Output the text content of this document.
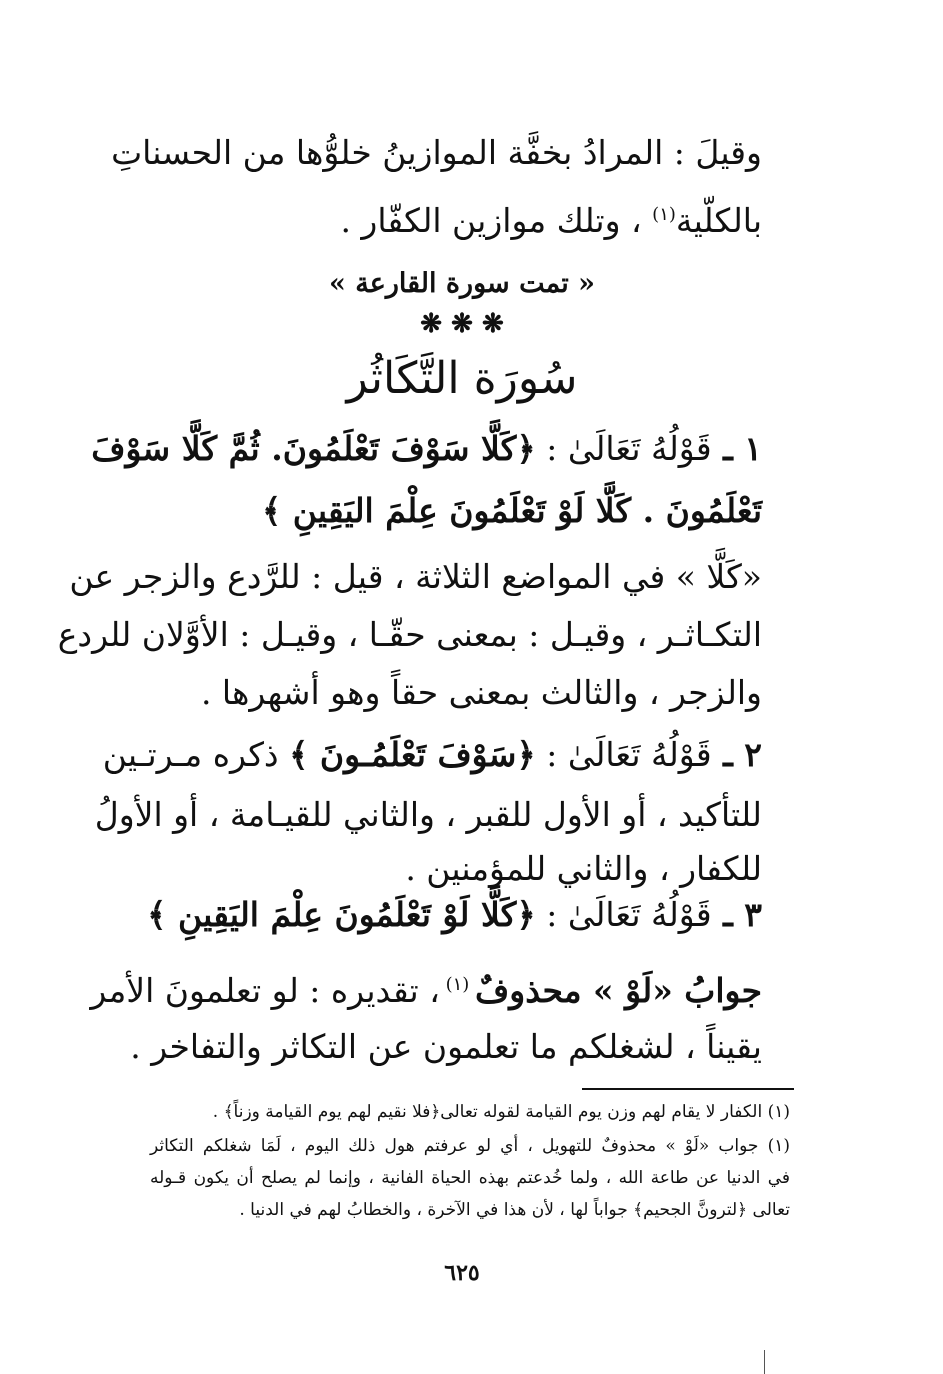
وقيلَ : المرادُ بخفَّة الموازينُ خلوُّها من الحسناتِ
بالكلّية$^{(١)}$ ، وتلك موازين الكفّار .
« تمت سورة القارعة »
❋ ❋ ❋
سُورَة التَّكَاثُر
١ ـ قَوْلُهُ تَعَالَىٰ : ﴿كَلَّا سَوْفَ تَعْلَمُونَ. ثُمَّ كَلَّا سَوْفَ
تَعْلَمُونَ . كَلَّا لَوْ تَعْلَمُونَ عِلْمَ اليَقِينِ ﴾
«كَلَّا » في المواضع الثلاثة ، قيل : للرَّدع والزجر عن
التكـاثـر ، وقيـل : بمعنى حقّـا ، وقيـل : الأوَّلان للردع
والزجر ، والثالث بمعنى حقاً وهو أشهرها .
٢ ـ قَوْلُهُ تَعَالَىٰ : ﴿سَوْفَ تَعْلَمُـونَ ﴾ ذكره مـرتـين
للتأكيد ، أو الأول للقبر ، والثاني للقيـامة ، أو الأولُ
للكفار ، والثاني للمؤمنين .
٣ ـ قَوْلُهُ تَعَالَىٰ : ﴿كَلَّا لَوْ تَعْلَمُونَ عِلْمَ اليَقِينِ ﴾
جوابُ «لَوْ » محذوفٌ $^{(١)}$ ، تقديره : لو تعلمونَ الأمر
يقيناً ، لشغلكم ما تعلمون عن التكاثر والتفاخر .
(١) الكفار لا يقام لهم وزن يوم القيامة لقوله تعالى﴿فلا نقيم لهم يوم القيامة وزناً﴾ .
(١) جواب «لَوْ » محذوفٌ للتهويل ، أي لو عرفتم هول ذلك اليوم ، لَمَا شغلكم التكاثر
في الدنيا عن طاعة الله ، ولما خُدعتم بهذه الحياة الفانية ، وإنما لم يصلح أن يكون قـوله
تعالى ﴿لترونَّ الجحيم﴾ جواباً لها ، لأن هذا في الآخرة ، والخطابُ لهم في الدنيا .
٦٢٥
